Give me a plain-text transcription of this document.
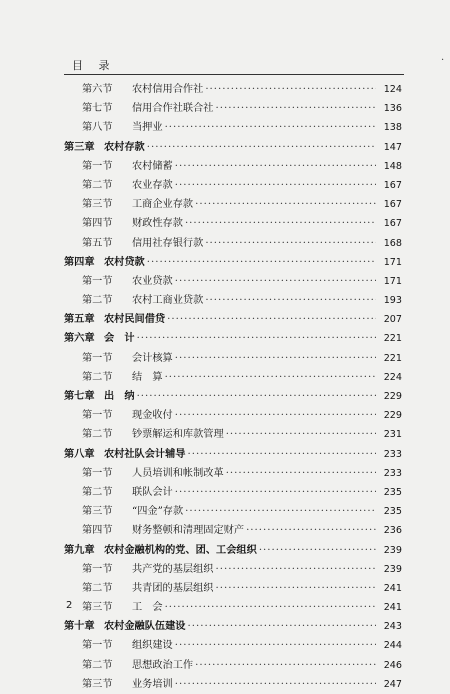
目 录	·
第六节	农村信用合作社 ·····	124
第七节	信用合作社联合社 ·····	136
第八节	当押业 ·····	138
第三章 农村存款 ·····	147
第一节	农村储蓄 ·····	148
第二节	农业存款 ·····	167
第三节	工商企业存款 ·····	167
第四节	财政性存款 ·····	167
第五节	信用社存银行款 ·····	168
第四章 农村贷款 ·····	171
第一节	农业贷款 ·····	171
第二节	农村工商业贷款 ·····	193
第五章 农村民间借贷 ·····	207
第六章 会　计 ·····	221
第一节	会计核算 ·····	221
第二节	结　算 ·····	224
第七章 出　纳 ·····	229
第一节	现金收付 ·····	229
第二节	钞票解运和库款管理 ·····	231
第八章 农村社队会计辅导 ·····	233
第一节	人员培训和帐制改革 ·····	233
第二节	联队会计 ·····	235
第三节	“四金”存款 ·····	235
第四节	财务整顿和清理固定财产 ·····	236
第九章 农村金融机构的党、团、工会组织 ·····	239
第一节	共产党的基层组织 ·····	239
第二节	共青团的基层组织 ·····	241
第三节	工　会 ·····	241
第十章 农村金融队伍建设 ·····	243
第一节	组织建设 ·····	244
第二节	思想政治工作 ·····	246
第三节	业务培训 ·····	247
2
